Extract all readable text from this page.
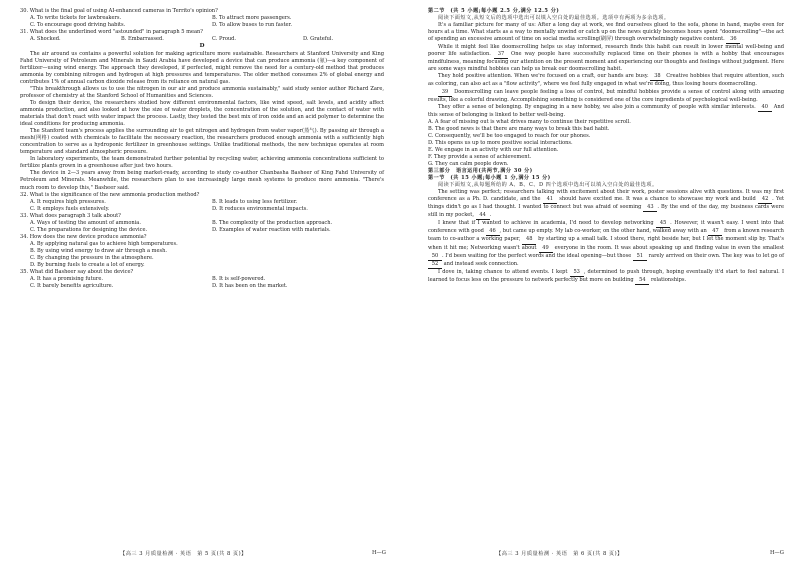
30. What is the final goal of using AI-enhanced cameras in Territo's opinion?

A. To write tickets for lawbreakers.	B. To attract more passengers.
C. To encourage good driving habits.	D. To allow buses to run faster.

31. What does the underlined word "astounded" in paragraph 5 mean?

A. Shocked.	B. Embarrassed.	C. Proud.	D. Grateful.

D

The air around us contains a powerful solution for making agriculture more sustainable. Researchers at Stanford University and King Fahd University of Petroleum and Minerals in Saudi Arabia have developed a device that can produce ammonia (氨)—a key component of fertilizer—using wind energy. The approach they developed, if perfected, might remove the need for a century-old method that produces ammonia by combining nitrogen and hydrogen at high pressures and temperatures. The older method consumes 2% of global energy and contributes 1% of annual carbon dioxide release from its reliance on natural gas.

"This breakthrough allows us to use the nitrogen in our air and produce ammonia sustainably," said study senior author Richard Zare, professor of chemistry at the Stanford School of Humanities and Sciences.

To design their device, the researchers studied how different environmental factors, like wind speed, salt levels, and acidity affect ammonia production, and also looked at how the size of water droplets, the concentration of the solution, and the contact of water with materials that don't react with water impact the process. Lastly, they tested the best mix of iron oxide and an acid polymer to determine the ideal conditions for producing ammonia.

The Stanford team's process applies the surrounding air to get nitrogen and hydrogen from water vapor(蒸气). By passing air through a mesh(网格) coated with chemicals to facilitate the necessary reaction, the researchers produced enough ammonia with a sufficiently high concentration to serve as a hydroponic fertilizer in greenhouse settings. Unlike traditional methods, the new technique operates at room temperature and standard atmospheric pressure.

In laboratory experiments, the team demonstrated further potential by recycling water, achieving ammonia concentrations sufficient to fertilize plants grown in a greenhouse after just two hours.

The device in 2—3 years away from being market-ready, according to study co-author Chanbasha Basheer of King Fahd University of Petroleum and Minerals. Meanwhile, the researchers plan to use increasingly large mesh systems to produce more ammonia. "There's much room to develop this," Basheer said.

32. What is the significance of the new ammonia production method?

A. It requires high pressures.	B. It leads to using less fertilizer.
C. It employs fuels extensively.	D. It reduces environmental impacts.

33. What does paragraph 3 talk about?

A. Ways of testing the amount of ammonia.	B. The complexity of the production approach.
C. The preparations for designing the device.	D. Examples of water reaction with materials.

34. How does the new device produce ammonia?

A. By applying natural gas to achieve high temperatures.

B. By using wind energy to draw air through a mesh.

C. By changing the pressure in the atmosphere.

D. By burning fuels to create a lot of energy.

35. What did Basheer say about the device?

A. It has a promising future.	B. It is self-powered.
C. It barely benefits agriculture.	D. It has been on the market.
【高三 3 月质量检测 · 英语　第 5 页(共 8 页)】	H—G

第二节　(共 5 小题;每小题 2.5 分,满分 12.5 分)

阅读下面短文,从短文后的选项中选出可以填入空白处的最佳选项。选项中有两项为多余选项。

It's a familiar picture for many of us: After a long day at work, we find ourselves glued to the sofa, phone in hand, maybe even for hours at a time. What starts as a way to mentally unwind or catch up on the news quickly becomes hours spent "doomscrolling"—the act of spending an excessive amount of time on social media scrolling(刷屏) through overwhelmingly negative content. 36

While it might feel like doomscrolling helps us stay informed, research finds this habit can result in lower mental well-being and poorer life satisfaction. 37 One way people have successfully replaced time on their phones is with a hobby that encourages mindfulness, meaning focusing our attention on the present moment and experiencing our thoughts and feelings without judgment. Here are some ways mindful hobbies can help us break our doomscrolling habit.

They hold positive attention. When we're focused on a craft, our hands are busy. 38 Creative hobbies that require attention, such as coloring, can also act as a "flow activity", where we feel fully engaged in what we're doing, thus losing hours doomscrolling.

39 Doomscrolling can leave people feeling a loss of control, but mindful hobbies provide a sense of control along with amazing results, like a colorful drawing. Accomplishing something is considered one of the core ingredients of psychological well-being.

They offer a sense of belonging. By engaging in a new hobby, we also join a community of people with similar interests. 40 And this sense of belonging is linked to better well-being.

A. A fear of missing out is what drives many to continue their repetitive scroll.

B. The good news is that there are many ways to break this bad habit.

C. Consequently, we'll be too engaged to reach for our phones.

D. This opens us up to more positive social interactions.

E. We engage in an activity with our full attention.

F. They provide a sense of achievement.

G. They can calm people down.

第三部分　语言运用(共两节,满分 30 分)

第一节　(共 15 小题;每小题 1 分,满分 15 分)

阅读下面短文,从每题所给的 A、B、C、D 四个选项中选出可以填入空白处的最佳选项。

The setting was perfect; researchers talking with excitement about their work, poster sessions alive with questions. It was my first conference as a Ph. D. candidate, and the 41 should have excited me. It was a chance to showcase my work and build 42 . Yet things didn't go as I had thought. I wanted to connect but was afraid of seeming 43 . By the end of the day, my business cards were still in my pocket, 44 .

I knew that if I wanted to achieve in academia, I'd need to develop networking 45 . However, it wasn't easy. I went into that conference with good 46 , but came up empty. My lab co-worker, on the other hand, walked away with an 47 from a known research team to co-author a working paper, 48 by starting up a small talk. I stood there, right beside her, but I let the moment slip by. That's when it hit me; Networking wasn't about 49 everyone in the room. It was about speaking up and finding value in even the smallest 50 . I'd been waiting for the perfect words and the ideal opening—but those 51 rarely arrived on their own. The key was to let go of 52 and instead seek connection.

I dove in, taking chance to attend events. I kept 53 , determined to push through, hoping eventually it'd start to feel natural. I learned to focus less on the pressure to network perfectly but more on building 54 relationships.

【高三 3 月质量检测 · 英语　第 6 页(共 8 页)】	H—G
